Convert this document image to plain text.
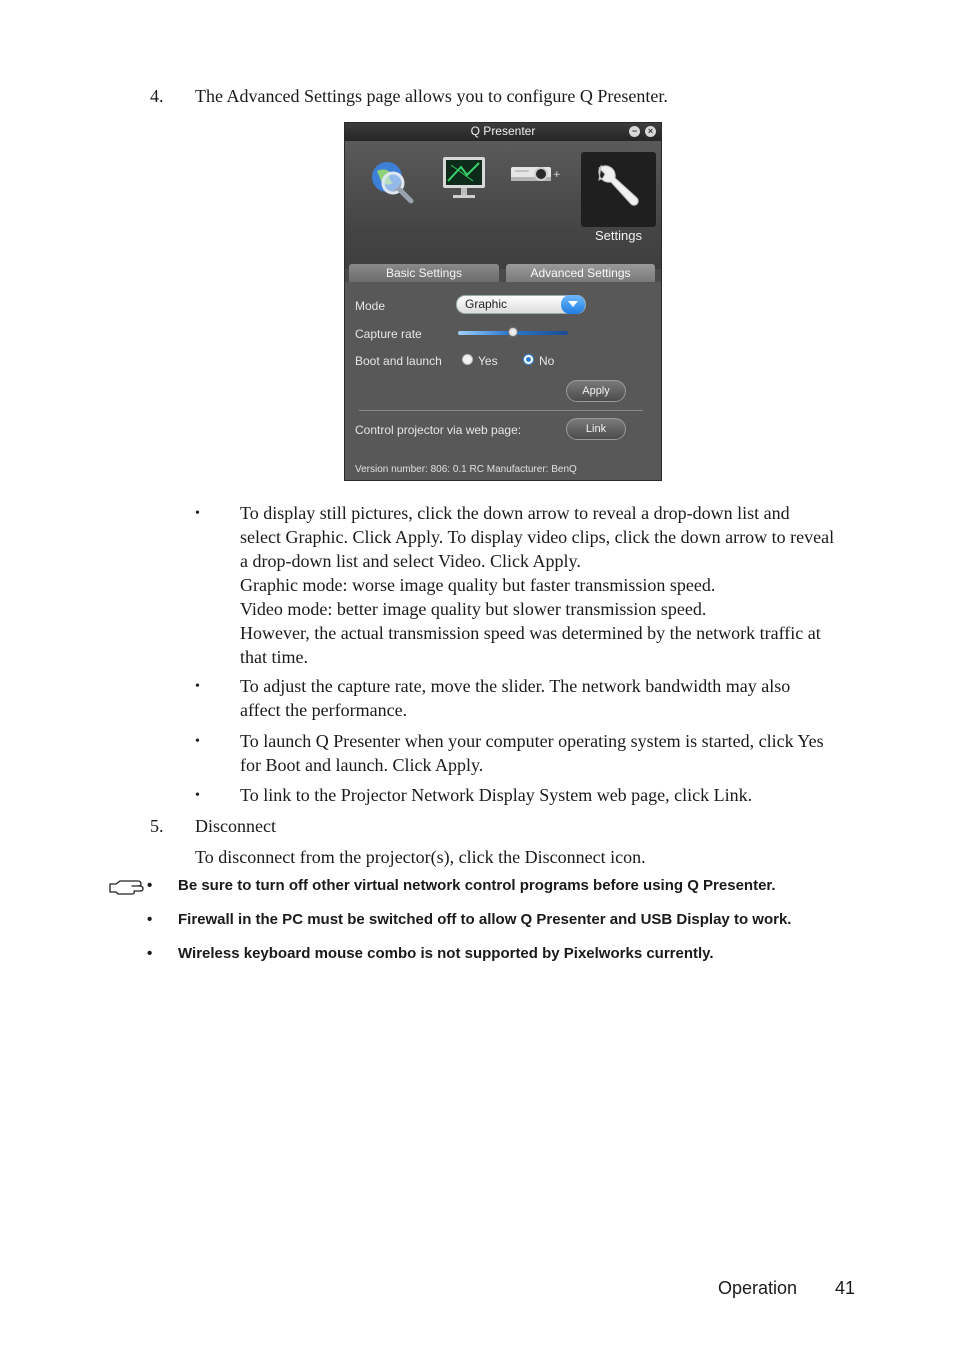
4. The Advanced Settings page allows you to configure Q Presenter.
Q Presenter	−	×
+
Settings
Basic Settings	Advanced Settings
Mode	Graphic
Capture rate
Boot and launch	Yes	No
Apply
Control projector via web page:	Link
Version number: 806: 0.1 RC Manufacturer: BenQ
• To display still pictures, click the down arrow to reveal a drop-down list and
select Graphic. Click Apply. To display video clips, click the down arrow to reveal
a drop-down list and select Video. Click Apply.
Graphic mode: worse image quality but faster transmission speed.
Video mode: better image quality but slower transmission speed.
However, the actual transmission speed was determined by the network traffic at
that time.
• To adjust the capture rate, move the slider. The network bandwidth may also
affect the performance.
• To launch Q Presenter when your computer operating system is started, click Yes
for Boot and launch. Click Apply.
• To link to the Projector Network Display System web page, click Link.
5. Disconnect
To disconnect from the projector(s), click the Disconnect icon.
• Be sure to turn off other virtual network control programs before using Q Presenter.
• Firewall in the PC must be switched off to allow Q Presenter and USB Display to work.
• Wireless keyboard mouse combo is not supported by Pixelworks currently.
Operation 41
